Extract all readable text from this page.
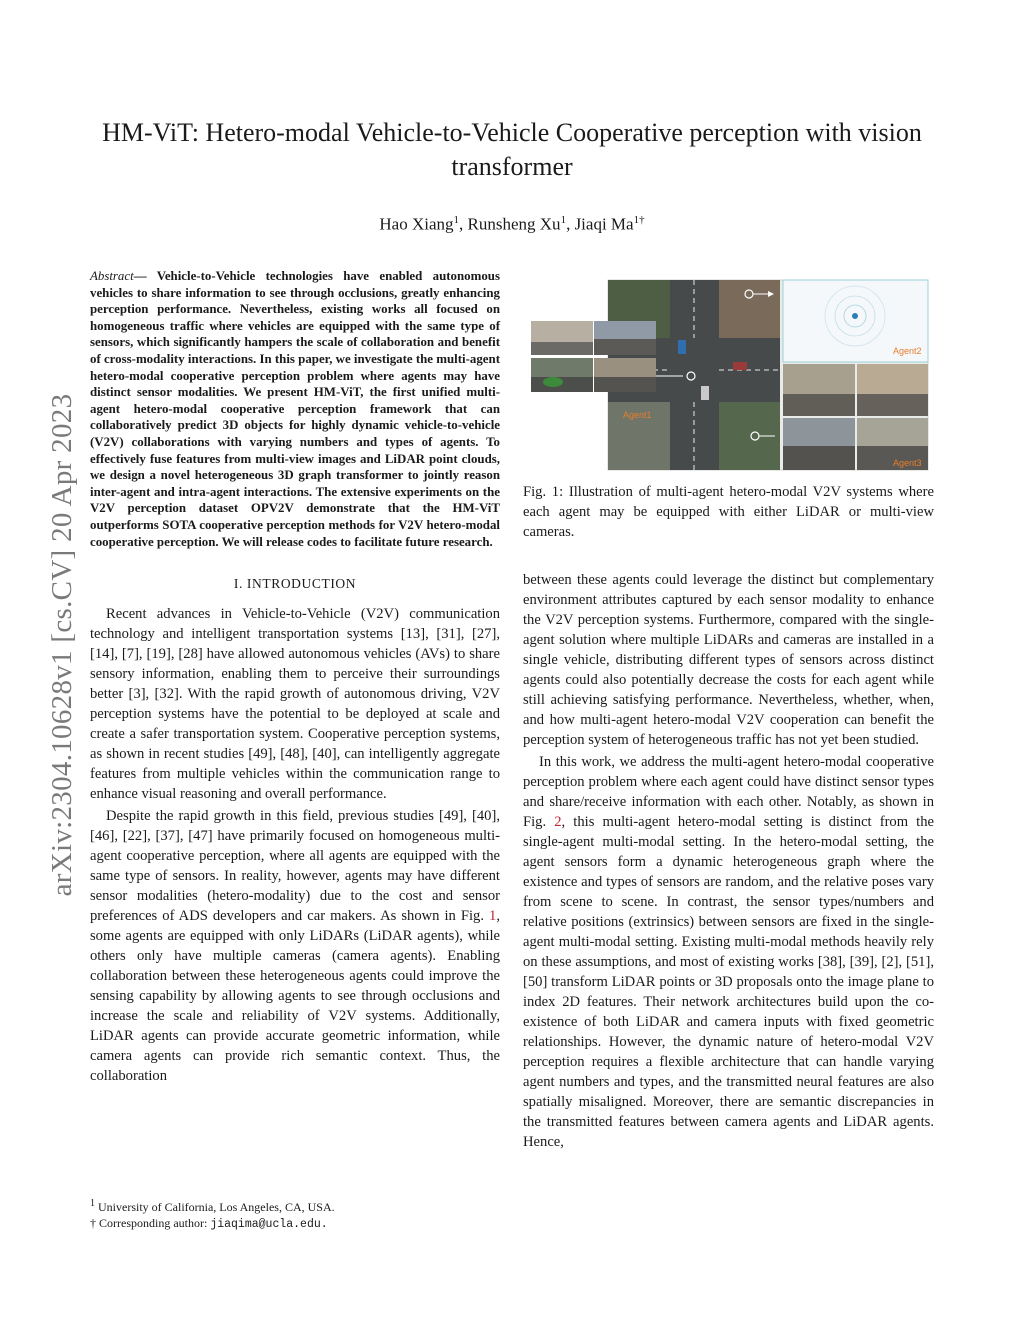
arXiv:2304.10628v1 [cs.CV] 20 Apr 2023
HM-ViT: Hetero-modal Vehicle-to-Vehicle Cooperative perception with vision transformer
Hao Xiang$^1$, Runsheng Xu$^1$, Jiaqi $Ma^{1\dagger}$

Abstract— Vehicle-to-Vehicle technologies have enabled autonomous vehicles to share information to see through occlusions, greatly enhancing perception performance. Nevertheless, existing works all focused on homogeneous traffic where vehicles are equipped with the same type of sensors, which significantly hampers the scale of collaboration and benefit of cross-modality interactions. In this paper, we investigate the multi-agent hetero-modal cooperative perception problem where agents may have distinct sensor modalities. We present HM-ViT, the first unified multi-agent hetero-modal cooperative perception framework that can collaboratively predict 3D objects for highly dynamic vehicle-to-vehicle (V2V) collaborations with varying numbers and types of agents. To effectively fuse features from multi-view images and LiDAR point clouds, we design a novel heterogeneous 3D graph transformer to jointly reason inter-agent and intra-agent interactions. The extensive experiments on the V2V perception dataset OPV2V demonstrate that the HM-ViT outperforms SOTA cooperative perception methods for V2V hetero-modal cooperative perception. We will release codes to facilitate future research.

I. INTRODUCTION

Recent advances in Vehicle-to-Vehicle (V2V) communication technology and intelligent transportation systems [13], [31], [27], [14], [7], [19], [28] have allowed autonomous vehicles (AVs) to share sensory information, enabling them to perceive their surroundings better [3], [32]. With the rapid growth of autonomous driving, V2V perception systems have the potential to be deployed at scale and create a safer transportation system. Cooperative perception systems, as shown in recent studies [49], [48], [40], can intelligently aggregate features from multiple vehicles within the communication range to enhance visual reasoning and overall performance.

Despite the rapid growth in this field, previous studies [49], [40], [46], [22], [37], [47] have primarily focused on homogeneous multi-agent cooperative perception, where all agents are equipped with the same type of sensors. In reality, however, agents may have different sensor modalities (hetero-modality) due to the cost and sensor preferences of ADS developers and car makers. As shown in Fig. 1, some agents are equipped with only LiDARs (LiDAR agents), while others only have multiple cameras (camera agents). Enabling collaboration between these heterogeneous agents could improve the sensing capability by allowing agents to see through occlusions and increase the scale and reliability of V2V systems. Additionally, LiDAR agents can provide accurate geometric information, while camera agents can provide rich semantic context. Thus, the collaboration

$^1$ University of California, Los Angeles, CA, USA.
† Corresponding author: jiaqima@ucla.edu.
Agent1
Agent2
Agent3

Fig. 1: Illustration of multi-agent hetero-modal V2V systems where each agent may be equipped with either LiDAR or multi-view cameras.

between these agents could leverage the distinct but complementary environment attributes captured by each sensor modality to enhance the V2V perception systems. Furthermore, compared with the single-agent solution where multiple LiDARs and cameras are installed in a single vehicle, distributing different types of sensors across distinct agents could also potentially decrease the costs for each agent while still achieving satisfying performance. Nevertheless, whether, when, and how multi-agent hetero-modal V2V cooperation can benefit the perception system of heterogeneous traffic has not yet been studied.

In this work, we address the multi-agent hetero-modal cooperative perception problem where each agent could have distinct sensor types and share/receive information with each other. Notably, as shown in Fig. 2, this multi-agent hetero-modal setting is distinct from the single-agent multi-modal setting. In the hetero-modal setting, the agent sensors form a dynamic heterogeneous graph where the existence and types of sensors are random, and the relative poses vary from scene to scene. In contrast, the sensor types/numbers and relative positions (extrinsics) between sensors are fixed in the single-agent multi-modal setting. Existing multi-modal methods heavily rely on these assumptions, and most of existing works [38], [39], [2], [51], [50] transform LiDAR points or 3D proposals onto the image plane to index 2D features. Their network architectures build upon the co-existence of both LiDAR and camera inputs with fixed geometric relationships. However, the dynamic nature of hetero-modal V2V perception requires a flexible architecture that can handle varying agent numbers and types, and the transmitted neural features are also spatially misaligned. Moreover, there are semantic discrepancies in the transmitted features between camera agents and LiDAR agents. Hence,
